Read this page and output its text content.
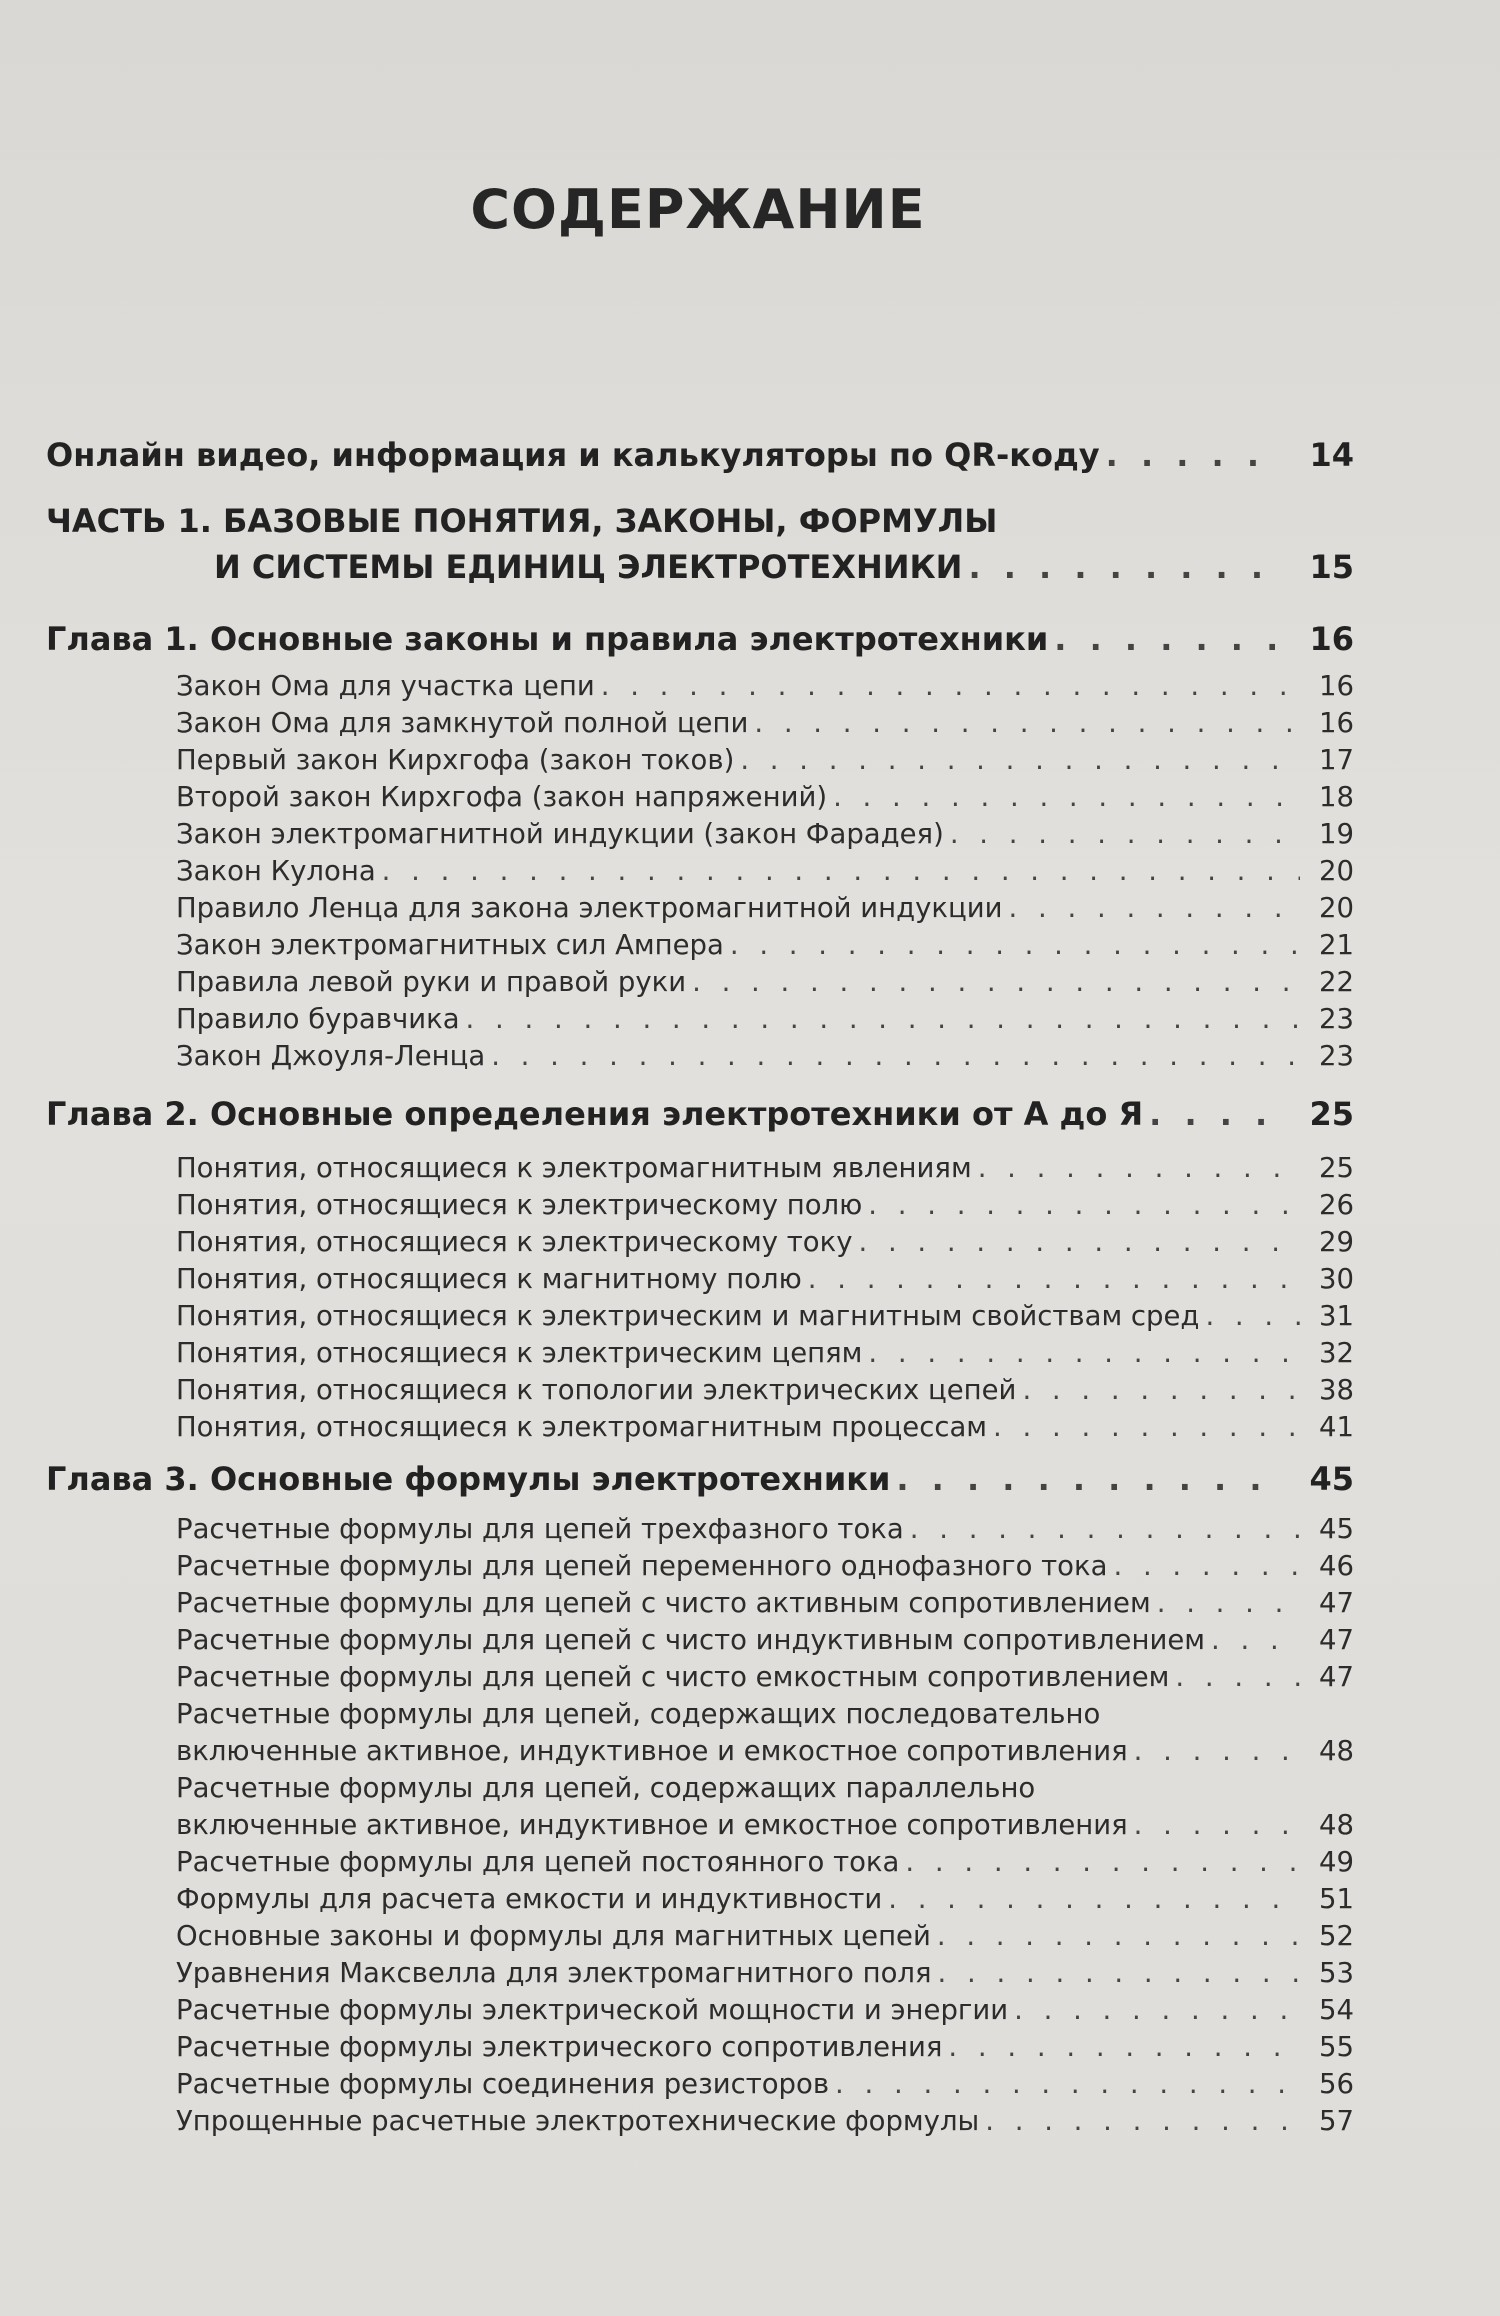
СОДЕРЖАНИЕ
Онлайн видео, информация и калькуляторы по QR-коду . . .	14
ЧАСТЬ 1. БАЗОВЫЕ ПОНЯТИЯ, ЗАКОНЫ, ФОРМУЛЫ
И СИСТЕМЫ ЕДИНИЦ ЭЛЕКТРОТЕХНИКИ . . .	15
Глава 1. Основные законы и правила электротехники . . .	16
Закон Ома для участка цепи . . .	16
Закон Ома для замкнутой полной цепи . . .	16
Первый закон Кирхгофа (закон токов) . . .	17
Второй закон Кирхгофа (закон напряжений) . . .	18
Закон электромагнитной индукции (закон Фарадея) . . .	19
Закон Кулона . . .	20
Правило Ленца для закона электромагнитной индукции . . .	20
Закон электромагнитных сил Ампера . . .	21
Правила левой руки и правой руки . . .	22
Правило буравчика . . .	23
Закон Джоуля-Ленца . . .	23
Глава 2. Основные определения электротехники от А до Я . . .	25
Понятия, относящиеся к электромагнитным явлениям . . .	25
Понятия, относящиеся к электрическому полю . . .	26
Понятия, относящиеся к электрическому току . . .	29
Понятия, относящиеся к магнитному полю . . .	30
Понятия, относящиеся к электрическим и магнитным свойствам сред . . .	31
Понятия, относящиеся к электрическим цепям . . .	32
Понятия, относящиеся к топологии электрических цепей . . .	38
Понятия, относящиеся к электромагнитным процессам . . .	41
Глава 3. Основные формулы электротехники . . .	45
Расчетные формулы для цепей трехфазного тока . . .	45
Расчетные формулы для цепей переменного однофазного тока . . .	46
Расчетные формулы для цепей с чисто активным сопротивлением . . .	47
Расчетные формулы для цепей с чисто индуктивным сопротивлением . . .	47
Расчетные формулы для цепей с чисто емкостным сопротивлением . . .	47
Расчетные формулы для цепей, содержащих последовательно
включенные активное, индуктивное и емкостное сопротивления . . .	48
Расчетные формулы для цепей, содержащих параллельно
включенные активное, индуктивное и емкостное сопротивления . . .	48
Расчетные формулы для цепей постоянного тока . . .	49
Формулы для расчета емкости и индуктивности . . .	51
Основные законы и формулы для магнитных цепей . . .	52
Уравнения Максвелла для электромагнитного поля . . .	53
Расчетные формулы электрической мощности и энергии . . .	54
Расчетные формулы электрического сопротивления . . .	55
Расчетные формулы соединения резисторов . . .	56
Упрощенные расчетные электротехнические формулы . . .	57
